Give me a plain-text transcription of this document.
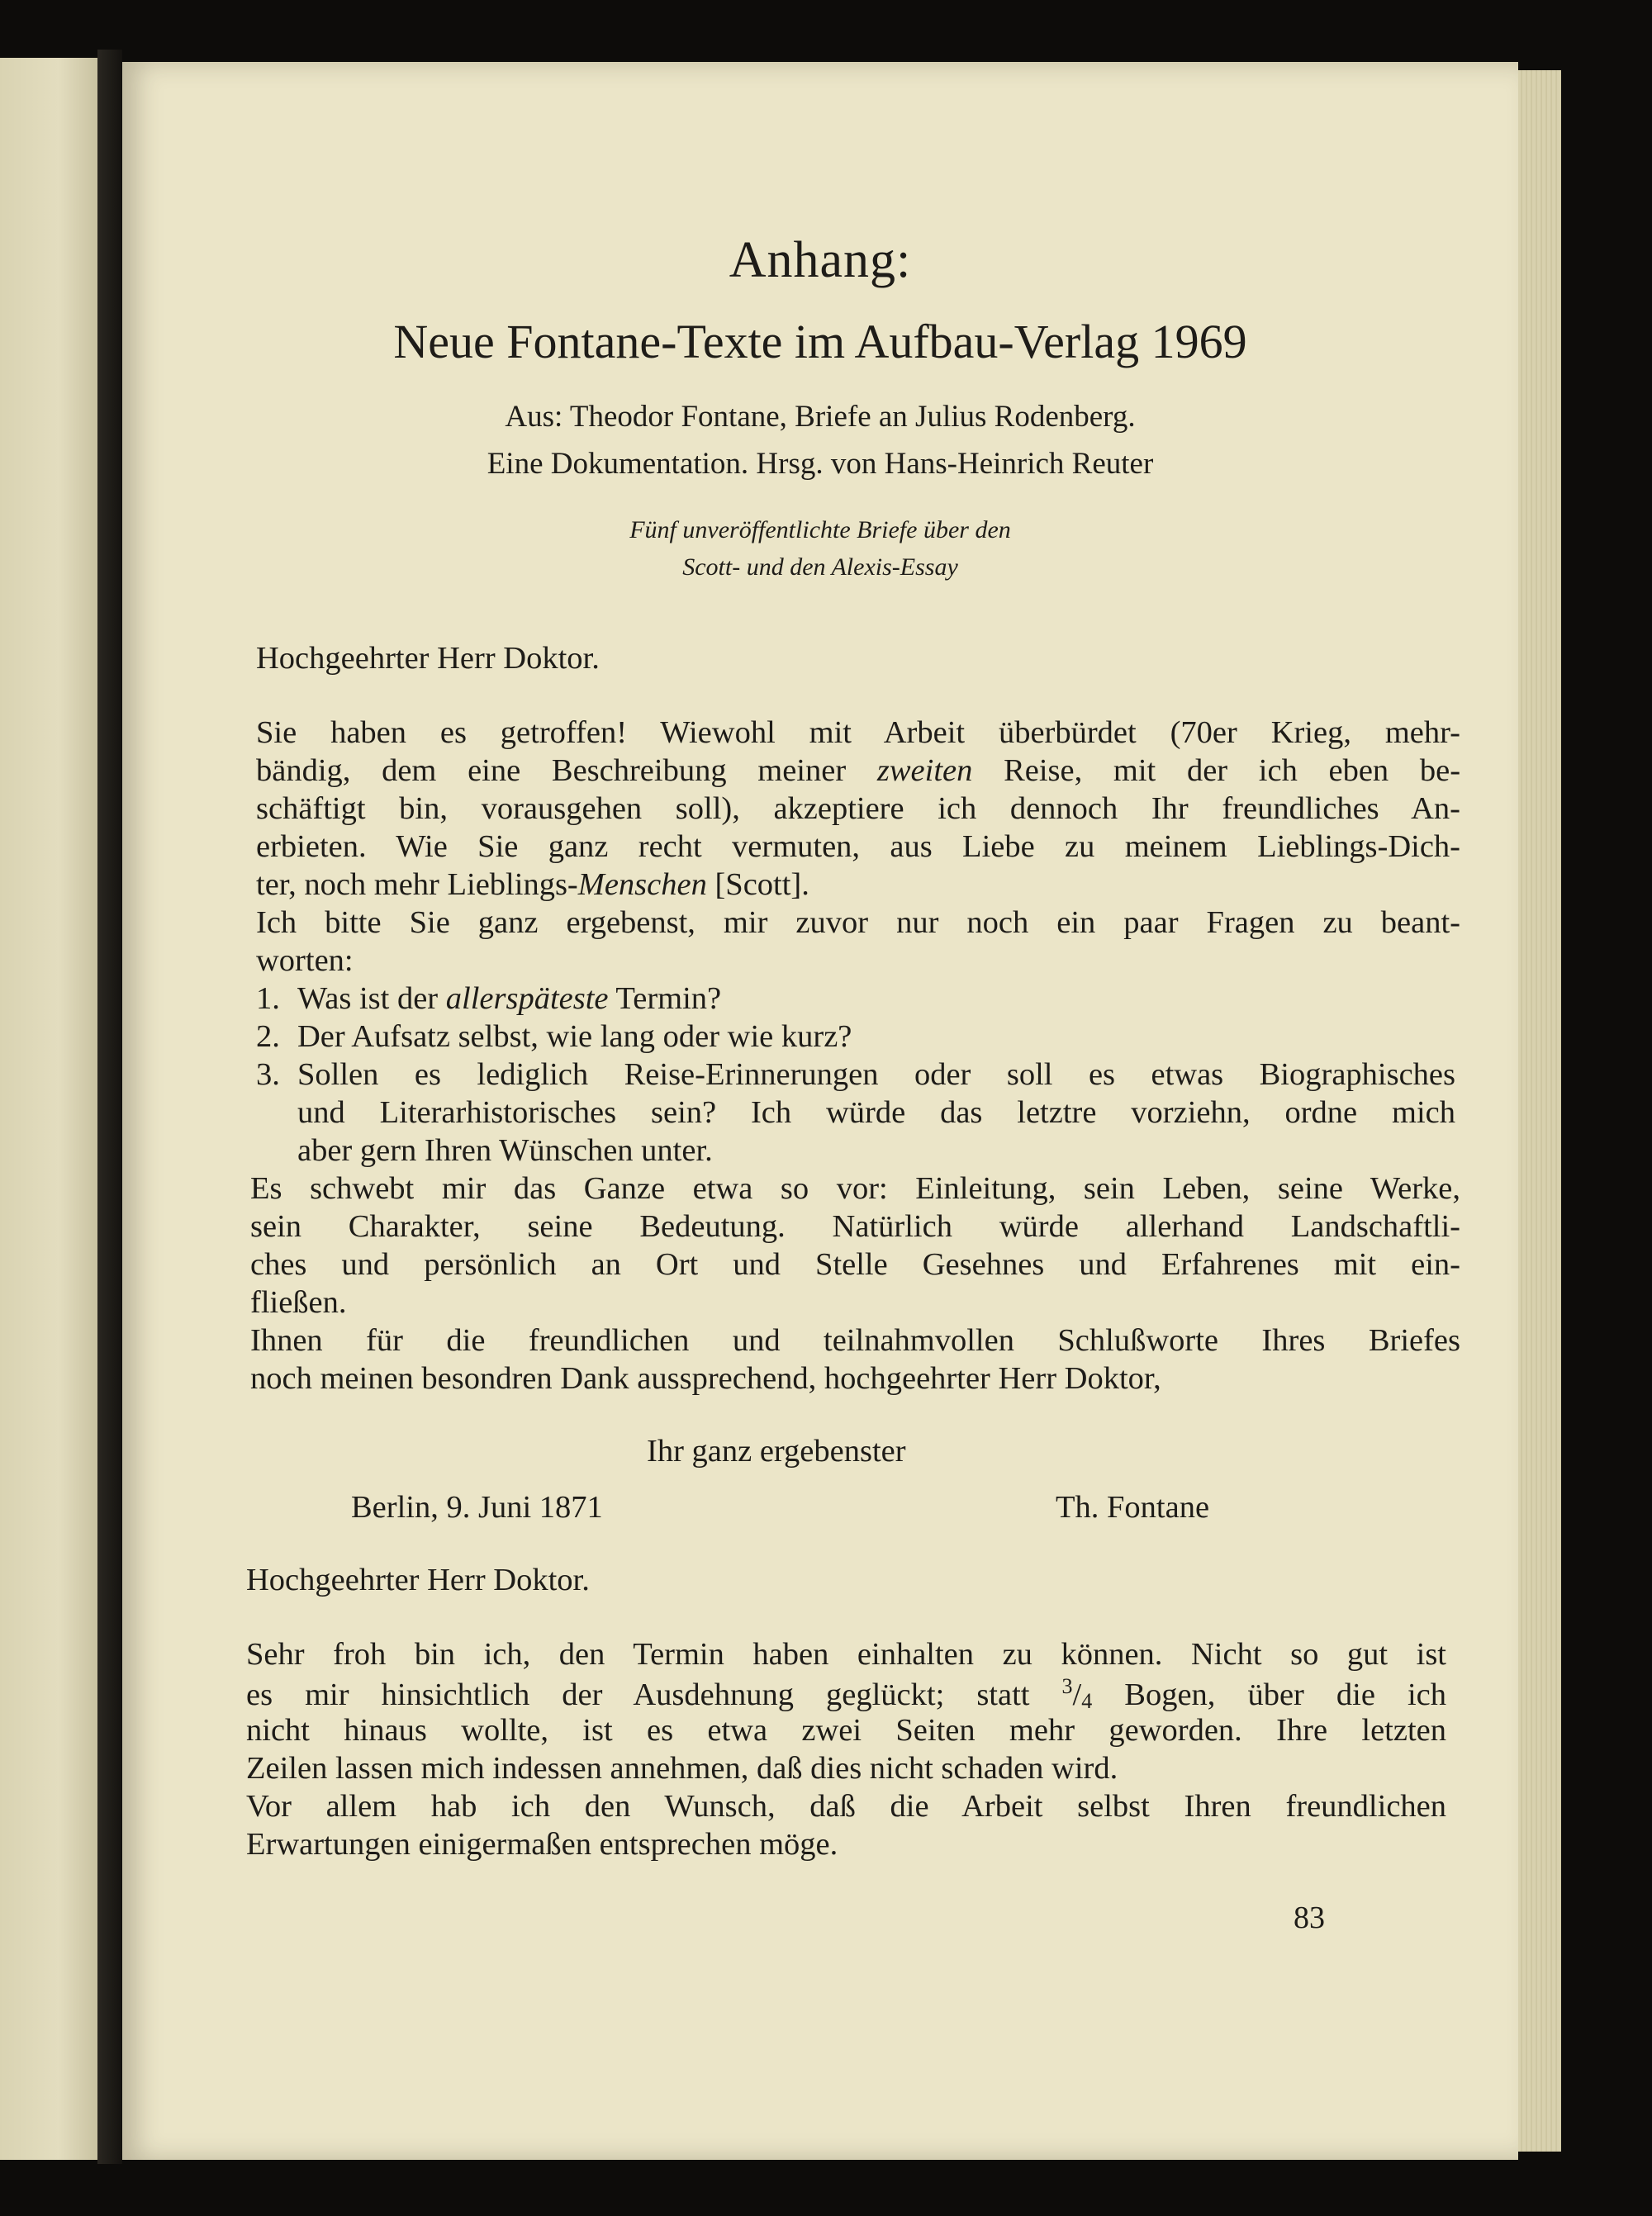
Anhang:
Neue Fontane-Texte im Aufbau-Verlag 1969
Aus: Theodor Fontane, Briefe an Julius Rodenberg.
Eine Dokumentation. Hrsg. von Hans-Heinrich Reuter
Fünf unveröffentlichte Briefe über den
Scott- und den Alexis-Essay
Hochgeehrter Herr Doktor.
Sie haben es getroffen! Wiewohl mit Arbeit überbürdet (70er Krieg, mehr-
bändig, dem eine Beschreibung meiner zweiten Reise, mit der ich eben be-
schäftigt bin, vorausgehen soll), akzeptiere ich dennoch Ihr freundliches An-
erbieten. Wie Sie ganz recht vermuten, aus Liebe zu meinem Lieblings-Dich-
ter, noch mehr Lieblings-Menschen [Scott].
Ich bitte Sie ganz ergebenst, mir zuvor nur noch ein paar Fragen zu beant-
worten:
1. Was ist der allerspäteste Termin?
2. Der Aufsatz selbst, wie lang oder wie kurz?
3. Sollen es lediglich Reise-Erinnerungen oder soll es etwas Biographisches
und Literarhistorisches sein? Ich würde das letztre vorziehn, ordne mich
aber gern Ihren Wünschen unter.
Es schwebt mir das Ganze etwa so vor: Einleitung, sein Leben, seine Werke,
sein Charakter, seine Bedeutung. Natürlich würde allerhand Landschaftli-
ches und persönlich an Ort und Stelle Gesehnes und Erfahrenes mit ein-
fließen.
Ihnen für die freundlichen und teilnahmvollen Schlußworte Ihres Briefes
noch meinen besondren Dank aussprechend, hochgeehrter Herr Doktor,
Ihr ganz ergebenster
Berlin, 9. Juni 1871	Th. Fontane
Hochgeehrter Herr Doktor.
Sehr froh bin ich, den Termin haben einhalten zu können. Nicht so gut ist
es mir hinsichtlich der Ausdehnung geglückt; statt $^3$/4 Bogen, über die ich
nicht hinaus wollte, ist es etwa zwei Seiten mehr geworden. Ihre letzten
Zeilen lassen mich indessen annehmen, daß dies nicht schaden wird.
Vor allem hab ich den Wunsch, daß die Arbeit selbst Ihren freundlichen
Erwartungen einigermaßen entsprechen möge.
83
